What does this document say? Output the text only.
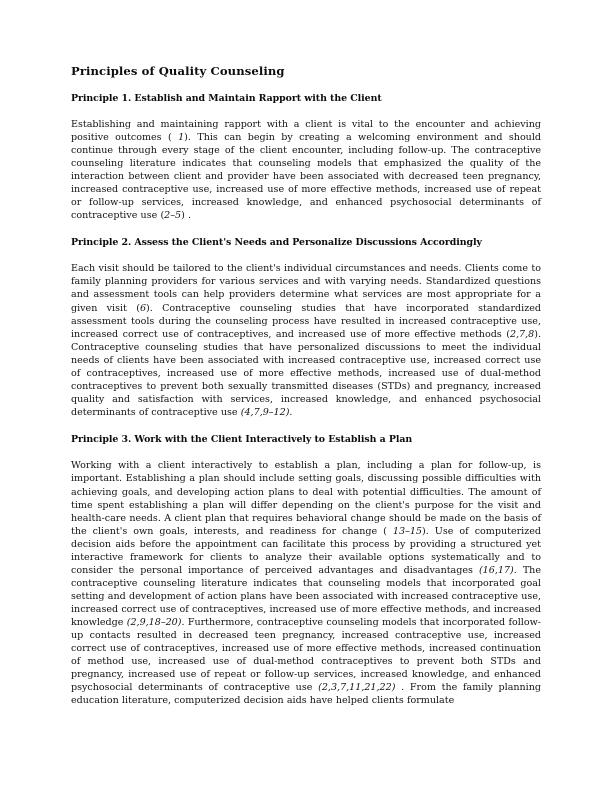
Principles of Quality Counseling
Principle 1. Establish and Maintain Rapport with the Client

Establishing and maintaining rapport with a client is vital to the encounter and achieving positive outcomes ( 1). This can begin by creating a welcoming environment and should continue through every stage of the client encounter, including follow-up. The contraceptive counseling literature indicates that counseling models that emphasized the quality of the interaction between client and provider have been associated with decreased teen pregnancy, increased contraceptive use, increased use of more effective methods, increased use of repeat or follow-up services, increased knowledge, and enhanced psychosocial determinants of contraceptive use (2–5) .

Principle 2. Assess the Client's Needs and Personalize Discussions Accordingly

Each visit should be tailored to the client's individual circumstances and needs. Clients come to family planning providers for various services and with varying needs. Standardized questions and assessment tools can help providers determine what services are most appropriate for a given visit (6). Contraceptive counseling studies that have incorporated standardized assessment tools during the counseling process have resulted in increased contraceptive use, increased correct use of contraceptives, and increased use of more effective methods (2,7,8). Contraceptive counseling studies that have personalized discussions to meet the individual needs of clients have been associated with increased contraceptive use, increased correct use of contraceptives, increased use of more effective methods, increased use of dual-method contraceptives to prevent both sexually transmitted diseases (STDs) and pregnancy, increased quality and satisfaction with services, increased knowledge, and enhanced psychosocial determinants of contraceptive use (4,7,9–12).

Principle 3. Work with the Client Interactively to Establish a Plan

Working with a client interactively to establish a plan, including a plan for follow-up, is important. Establishing a plan should include setting goals, discussing possible difficulties with achieving goals, and developing action plans to deal with potential difficulties. The amount of time spent establishing a plan will differ depending on the client's purpose for the visit and health-care needs. A client plan that requires behavioral change should be made on the basis of the client's own goals, interests, and readiness for change ( 13–15). Use of computerized decision aids before the appointment can facilitate this process by providing a structured yet interactive framework for clients to analyze their available options systematically and to consider the personal importance of perceived advantages and disadvantages (16,17). The contraceptive counseling literature indicates that counseling models that incorporated goal setting and development of action plans have been associated with increased contraceptive use, increased correct use of contraceptives, increased use of more effective methods, and increased knowledge (2,9,18–20). Furthermore, contraceptive counseling models that incorporated follow-up contacts resulted in decreased teen pregnancy, increased contraceptive use, increased correct use of contraceptives, increased use of more effective methods, increased continuation of method use, increased use of dual-method contraceptives to prevent both STDs and pregnancy, increased use of repeat or follow-up services, increased knowledge, and enhanced psychosocial determinants of contraceptive use (2,3,7,11,21,22) . From the family planning education literature, computerized decision aids have helped clients formulate
